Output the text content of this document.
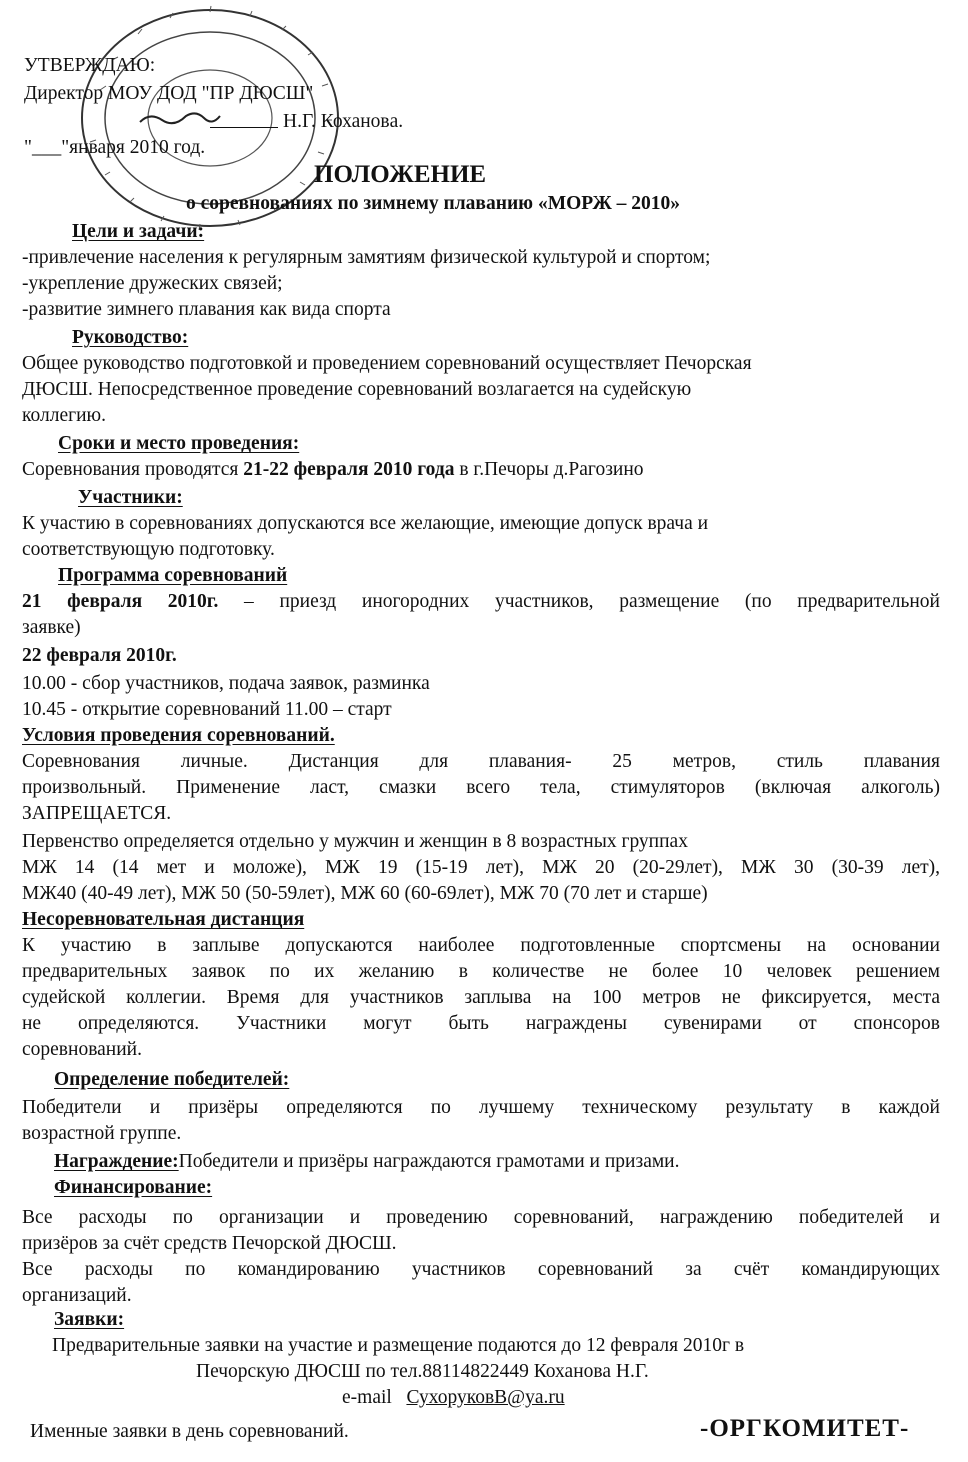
УТВЕРЖДАЮ:
Директор МОУ ДОД "ПР ДЮСШ"
Н.Г. Кохановa.
"___"января 2010 год.
ПОЛОЖЕНИЕ
о соревнованиях по зимнему плаванию «МОРЖ – 2010»
Цели и задачи:
-привлечение населения к регулярным замятиям физической культурой и спортом;
-укрепление дружеских связей;
-развитие зимнего плавания как вида спорта
Руководство:
Общее руководство подготовкой и проведением соревнований осуществляет Печорская
ДЮСШ. Непосредственное проведение соревнований возлагается на судейскую
коллегию.
Сроки и место проведения:
Соревнования проводятся 21-22 февраля 2010 года в г.Печоры д.Рагозино
Участники:
К участию в соревнованиях допускаются все желающие, имеющие допуск врача и
соответствующую подготовку.
Программа соревнований
21 февраля 2010г. – приезд иногородних участников, размещение (по предварительной
заявке)
22 февраля 2010г.
10.00 - сбор участников, подача заявок, разминка
10.45 - открытие соревнований 11.00 – старт
Условия проведения соревнований.
Соревнования личные. Дистанция для плавания- 25 метров, стиль плавания
произвольный. Применение ласт, смазки всего тела, стимуляторов (включая алкоголь)
ЗАПРЕЩАЕТСЯ.
Первенство определяется отдельно у мужчин и женщин в 8 возрастных группах
МЖ 14 (14 мет и моложе), МЖ 19 (15-19 лет), МЖ 20 (20-29лет), МЖ 30 (30-39 лет),
МЖ40 (40-49 лет), МЖ 50 (50-59лет), МЖ 60 (60-69лет), МЖ 70 (70 лет и старше)
Несоревновательная дистанция
К участию в заплыве допускаются наиболее подготовленные спортсмены на основании
предварительных заявок по их желанию в количестве не более 10 человек решением
судейской коллегии. Время для участников заплыва на 100 метров не фиксируется, места
не определяются. Участники могут быть награждены сувенирами от спонсоров
соревнований.
Определение победителей:
Победители и призёры определяются по лучшему техническому результату в каждой
возрастной группе.
Награждение:Победители и призёры награждаются грамотами и призами.
Финансирование:
Все расходы по организации и проведению соревнований, награждению победителей и
призёров за счёт средств Печорской ДЮСШ.
Все расходы по командированию участников соревнований за счёт командирующих
организаций.
Заявки:
Предварительные заявки на участие и размещение подаются до 12 февраля 2010г в
Печорскую ДЮСШ по тел.88114822449 Коханова Н.Г.
e-mail СухоруковВ@ya.ru
Именные заявки в день соревнований.	-ОРГКОМИТЕТ-
